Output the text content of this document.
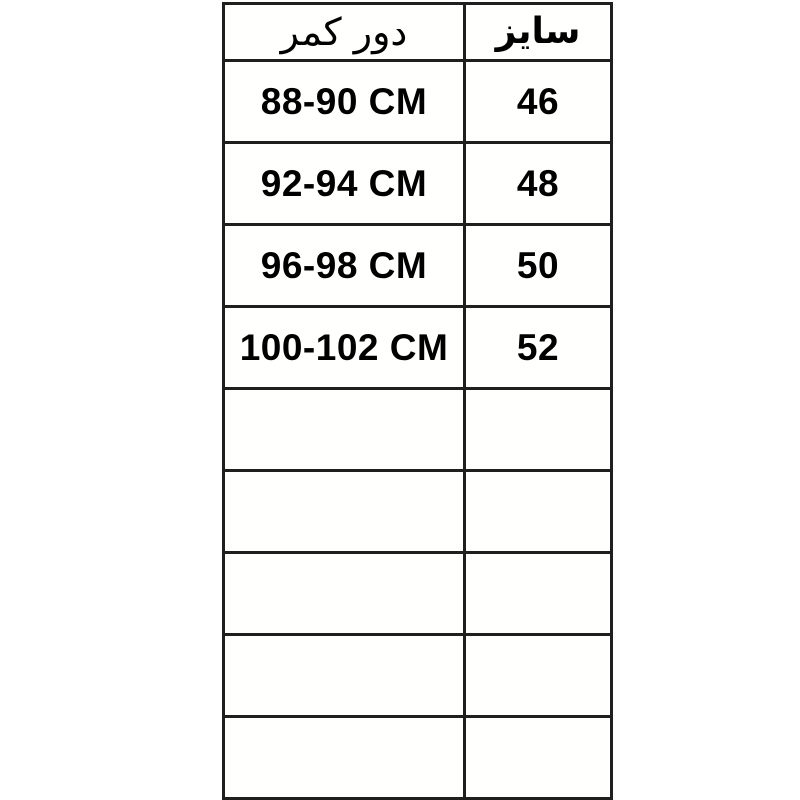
دور کمر	سایز
88-90 CM	46
92-94 CM	48
96-98 CM	50
100-102 CM	52
